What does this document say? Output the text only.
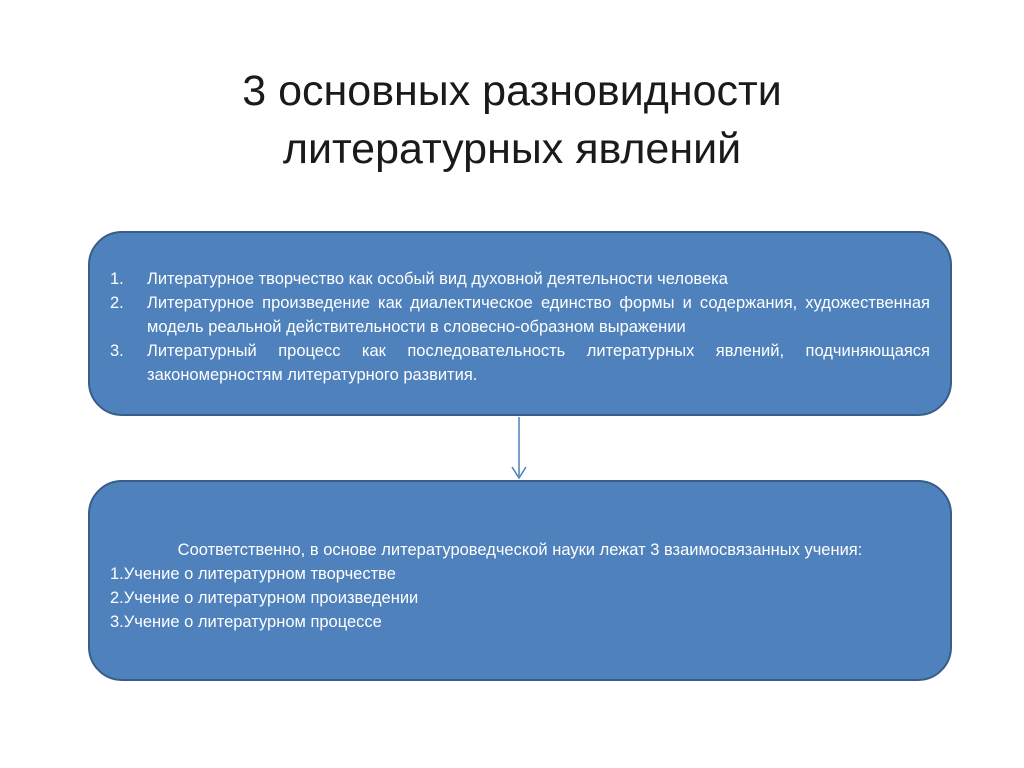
3 основных разновидности
литературных явлений
1.	Литературное творчество как особый вид духовной деятельности человека
2.	Литературное произведение как диалектическое единство формы и содержания, художественная модель реальной действительности в словесно-образном выражении
3.	Литературный процесс как последовательность литературных явлений, подчиняющаяся закономерностям литературного развития.
Соответственно, в основе литературоведческой науки лежат 3 взаимосвязанных учения:
1.Учение о литературном творчестве
2.Учение о литературном произведении
3.Учение о литературном процессе
